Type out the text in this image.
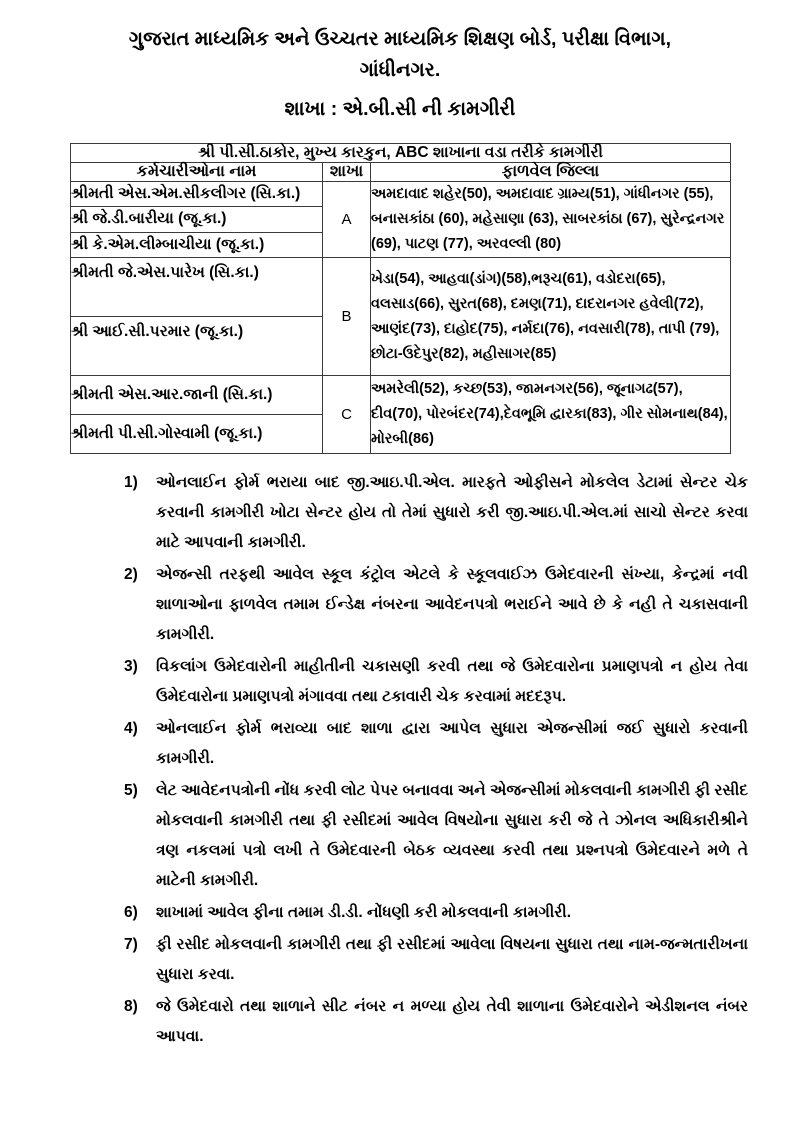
ગુજરાત માધ્યમિક અને ઉચ્ચતર માધ્યમિક શિક્ષણ બોર્ડ, પરીક્ષા વિભાગ,
ગાંધીનગર.
શાખા : એ.બી.સી ની કામગીરી
શ્રી પી.સી.ઠાકોર, મુખ્ય કારકુન, ABC શાખાના વડા તરીકે કામગીરી		
કર્મચારીઓના નામ	શાખા	ફાળવેલ જિલ્લા
શ્રીમતી એસ.એમ.સીકલીગર (સિ.કા.)	A	અમદાવાદ શહેર(50), અમદાવાદ ગ્રામ્ય(51), ગાંધીનગર (55), બનાસકાંઠા (60), મહેસાણા (63), સાબરકાંઠા (67), સુરેન્દ્રનગર (69), પાટણ (77), અરવલ્લી (80)
શ્રી જે.ડી.બારીયા (જૂ.કા.)		
શ્રી કે.એમ.લીમ્બાચીયા (જૂ.કા.)		
શ્રીમતી જે.એસ.પારેખ (સિ.કા.)	B	ખેડા(54), આહવા(ડાંગ)(58),ભરૂચ(61), વડોદરા(65), વલસાડ(66), સુરત(68), દમણ(71), દાદરાનગર હવેલી(72), આણંદ(73), દાહોદ(75), નર્મદા(76), નવસારી(78), તાપી (79), છોટા-ઉદેપુર(82), મહીસાગર(85)
શ્રી આઈ.સી.પરમાર (જૂ.કા.)		
શ્રીમતી એસ.આર.જાની (સિ.કા.)	C	અમરેલી(52), કચ્છ(53), જામનગર(56), જૂનાગઢ(57), દીવ(70), પોરબંદર(74),દેવભૂમિ દ્વારકા(83), ગીર સોમનાથ(84), મોરબી(86)
શ્રીમતી પી.સી.ગોસ્વામી (જૂ.કા.)		
1)	ઓનલાઈન ફોર્મ ભરાયા બાદ જી.આઇ.પી.એલ. મારફતે ઓફીસને મોકલેલ ડેટામાં સેન્ટર ચેક કરવાની કામગીરી ખોટા સેન્ટર હોય તો તેમાં સુધારો કરી જી.આઇ.પી.એલ.માં સાચો સેન્ટર કરવા માટે આપવાની કામગીરી.
2)	એજન્સી તરફથી આવેલ સ્કૂલ કંટ્રોલ એટલે કે સ્કૂલવાઈઝ ઉમેદવારની સંખ્યા, કેન્દ્રમાં નવી શાળાઓના ફાળવેલ તમામ ઈન્ડેક્ષ નંબરના આવેદનપત્રો ભરાઈને આવે છે કે નહી તે ચકાસવાની કામગીરી.
3)	વિકલાંગ ઉમેદવારોની માહીતીની ચકાસણી કરવી તથા જે ઉમેદવારોના પ્રમાણપત્રો ન હોય તેવા ઉમેદવારોના પ્રમાણપત્રો મંગાવવા તથા ટકાવારી ચેક કરવામાં મદદરૂપ.
4)	ઓનલાઈન ફોર્મ ભરાવ્યા બાદ શાળા દ્વારા આપેલ સુધારા એજન્સીમાં જઈ સુધારો કરવાની કામગીરી.
5)	લેટ આવેદનપત્રોની નોંધ કરવી લોટ પેપર બનાવવા અને એજન્સીમાં મોકલવાની કામગીરી ફી રસીદ મોકલવાની કામગીરી તથા ફી રસીદમાં આવેલ વિષયોના સુધારા કરી જે તે ઝોનલ અધિકારીશ્રીને ત્રણ નકલમાં પત્રો લખી તે ઉમેદવારની બેઠક વ્યવસ્થા કરવી તથા પ્રશ્નપત્રો ઉમેદવારને મળે તે માટેની કામગીરી.
6)	શાખામાં આવેલ ફીના તમામ ડી.ડી. નોંધણી કરી મોકલવાની કામગીરી.
7)	ફી રસીદ મોકલવાની કામગીરી તથા ફી રસીદમાં આવેલા વિષયના સુધારા તથા નામ-જન્મતારીખના સુધારા કરવા.
8)	જે ઉમેદવારો તથા શાળાને સીટ નંબર ન મળ્યા હોય તેવી શાળાના ઉમેદવારોને એડીશનલ નંબર આપવા.
